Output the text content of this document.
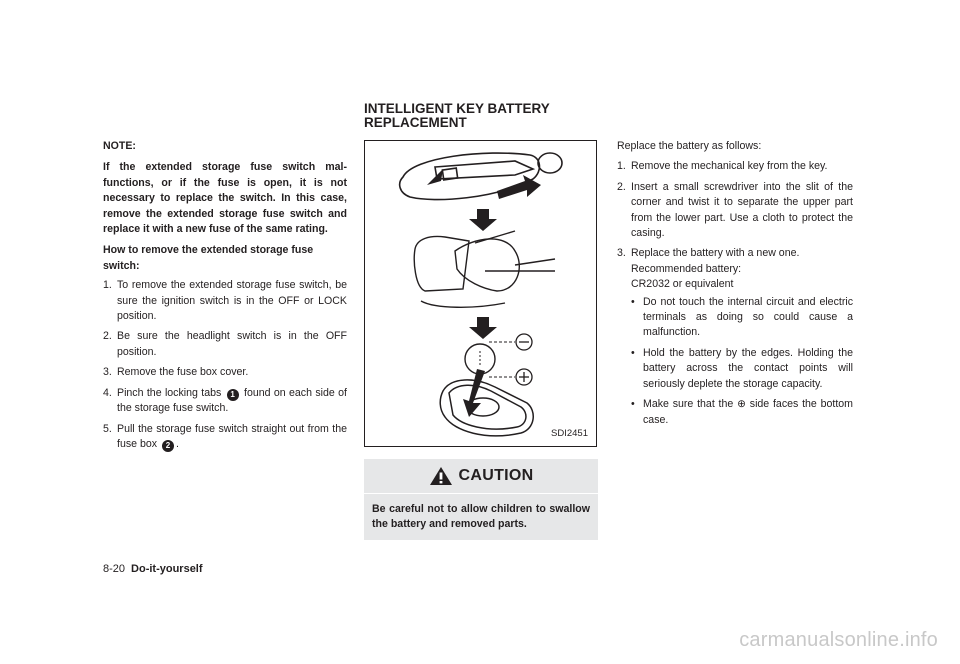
NOTE:
If the extended storage fuse switch mal-functions, or if the fuse is open, it is not necessary to replace the switch. In this case, remove the extended storage fuse switch and replace it with a new fuse of the same rating.
How to remove the extended storage fuse switch:
1. To remove the extended storage fuse switch, be sure the ignition switch is in the OFF or LOCK position.
2. Be sure the headlight switch is in the OFF position.
3. Remove the fuse box cover.
4. Pinch the locking tabs 1 found on each side of the storage fuse switch.
5. Pull the storage fuse switch straight out from the fuse box 2 .
INTELLIGENT KEY BATTERY
REPLACEMENT
SDI2451
CAUTION
Be careful not to allow children to swallow the battery and removed parts.
Replace the battery as follows:
1. Remove the mechanical key from the key.
2. Insert a small screwdriver into the slit of the corner and twist it to separate the upper part from the lower part. Use a cloth to protect the casing.
3. Replace the battery with a new one.
Recommended battery:
CR2032 or equivalent
• Do not touch the internal circuit and electric terminals as doing so could cause a malfunction.
• Hold the battery by the edges. Holding the battery across the contact points will seriously deplete the storage capacity.
• Make sure that the ⊕ side faces the bottom case.
8-20 Do-it-yourself
carmanualsonline.info
